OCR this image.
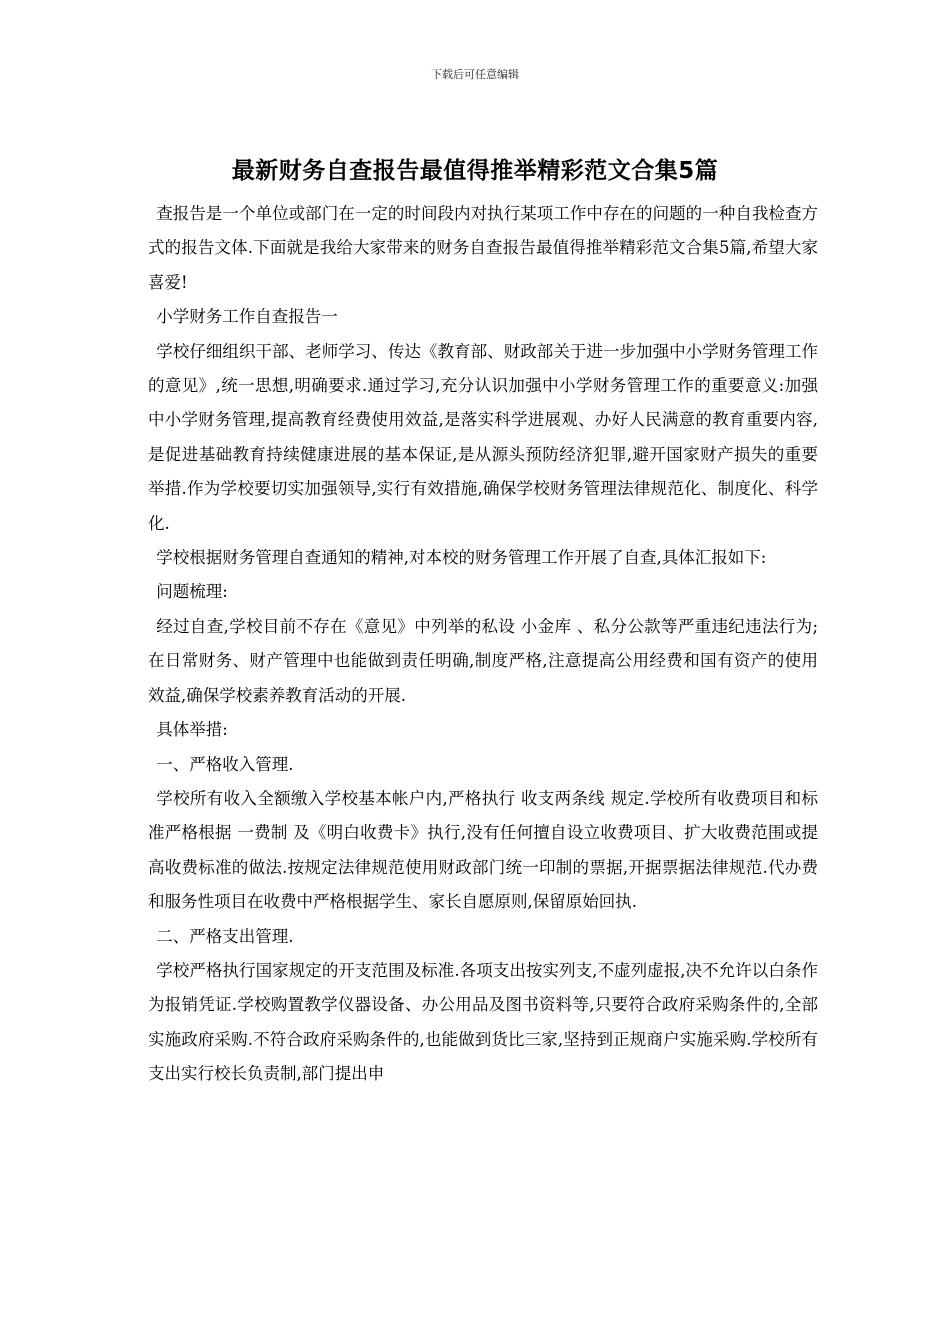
下载后可任意编辑
最新财务自查报告最值得推举精彩范文合集5篇

查报告是一个单位或部门在一定的时间段内对执行某项工作中存在的问题的一种自我检查方式的报告文体.下面就是我给大家带来的财务自查报告最值得推举精彩范文合集5篇,希望大家喜爱!

小学财务工作自查报告一

学校仔细组织干部、老师学习、传达《教育部、财政部关于进一步加强中小学财务管理工作的意见》,统一思想,明确要求.通过学习,充分认识加强中小学财务管理工作的重要意义:加强中小学财务管理,提高教育经费使用效益,是落实科学进展观、办好人民满意的教育重要内容,是促进基础教育持续健康进展的基本保证,是从源头预防经济犯罪,避开国家财产损失的重要举措.作为学校要切实加强领导,实行有效措施,确保学校财务管理法律规范化、制度化、科学化.

学校根据财务管理自查通知的精神,对本校的财务管理工作开展了自查,具体汇报如下:

问题梳理:

经过自查,学校目前不存在《意见》中列举的私设 小金库 、私分公款等严重违纪违法行为;在日常财务、财产管理中也能做到责任明确,制度严格,注意提高公用经费和国有资产的使用效益,确保学校素养教育活动的开展.

具体举措:

一、严格收入管理.

学校所有收入全额缴入学校基本帐户内,严格执行 收支两条线 规定.学校所有收费项目和标准严格根据 一费制 及《明白收费卡》执行,没有任何擅自设立收费项目、扩大收费范围或提高收费标准的做法.按规定法律规范使用财政部门统一印制的票据,开据票据法律规范.代办费和服务性项目在收费中严格根据学生、家长自愿原则,保留原始回执.

二、严格支出管理.

学校严格执行国家规定的开支范围及标准.各项支出按实列支,不虚列虚报,决不允许以白条作为报销凭证.学校购置教学仪器设备、办公用品及图书资料等,只要符合政府采购条件的,全部实施政府采购.不符合政府采购条件的,也能做到货比三家,坚持到正规商户实施采购.学校所有支出实行校长负责制,部门提出申
